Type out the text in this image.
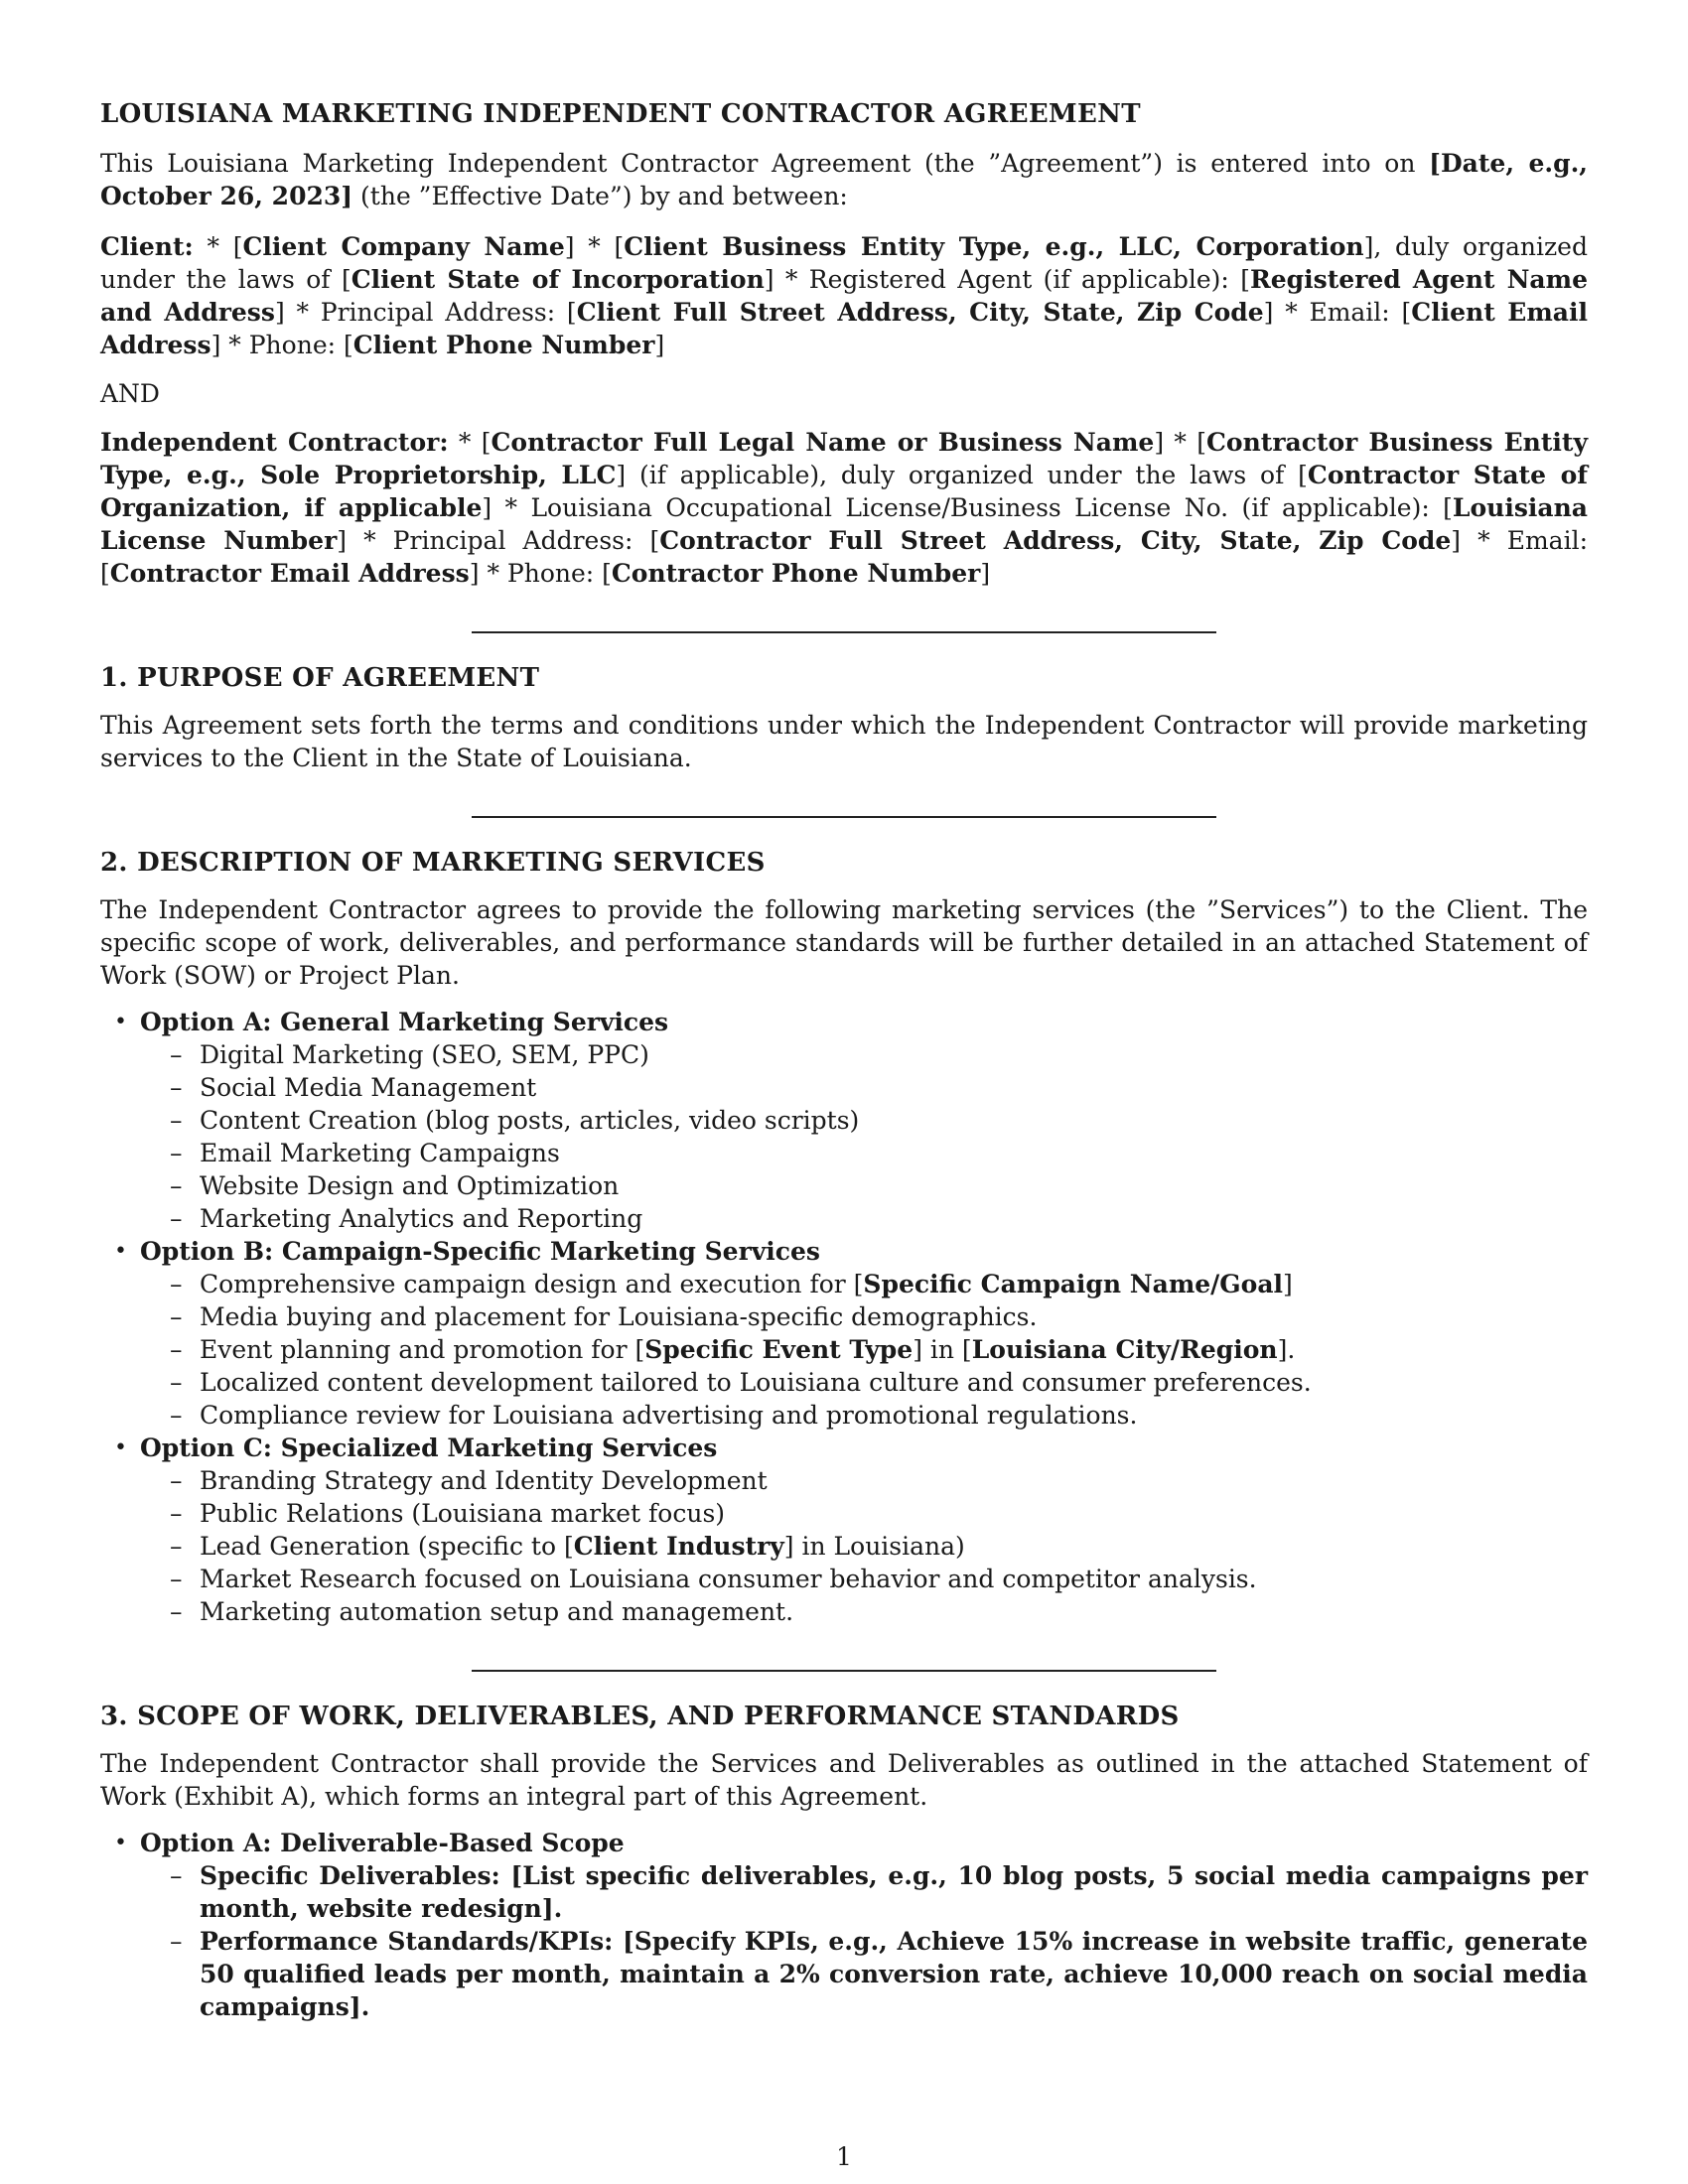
LOUISIANA MARKETING INDEPENDENT CONTRACTOR AGREEMENT

This Louisiana Marketing Independent Contractor Agreement (the ”Agreement”) is entered into on [Date, e.g., October 26, 2023] (the ”Effective Date”) by and between:

Client: * [Client Company Name] * [Client Business Entity Type, e.g., LLC, Corporation], duly organized under the laws of [Client State of Incorporation] * Registered Agent (if applicable): [Registered Agent Name and Address] * Principal Address: [Client Full Street Address, City, State, Zip Code] * Email: [Client Email Address] * Phone: [Client Phone Number]

AND

Independent Contractor: * [Contractor Full Legal Name or Business Name] * [Contractor Business Entity Type, e.g., Sole Proprietorship, LLC] (if applicable), duly organized under the laws of [Contractor State of Organization, if applicable] * Louisiana Occupational License/Business License No. (if applicable): [Louisiana License Number] * Principal Address: [Contractor Full Street Address, City, State, Zip Code] * Email: [Contractor Email Address] * Phone: [Contractor Phone Number]

1. PURPOSE OF AGREEMENT

This Agreement sets forth the terms and conditions under which the Independent Contractor will provide marketing services to the Client in the State of Louisiana.

2. DESCRIPTION OF MARKETING SERVICES

The Independent Contractor agrees to provide the following marketing services (the ”Services”) to the Client. The specific scope of work, deliverables, and performance standards will be further detailed in an attached Statement of Work (SOW) or Project Plan.

• Option A: General Marketing Services
– Digital Marketing (SEO, SEM, PPC)
– Social Media Management
– Content Creation (blog posts, articles, video scripts)
– Email Marketing Campaigns
– Website Design and Optimization
– Marketing Analytics and Reporting
• Option B: Campaign-Specific Marketing Services
– Comprehensive campaign design and execution for [Specific Campaign Name/Goal]
– Media buying and placement for Louisiana-specific demographics.
– Event planning and promotion for [Specific Event Type] in [Louisiana City/Region].
– Localized content development tailored to Louisiana culture and consumer preferences.
– Compliance review for Louisiana advertising and promotional regulations.
• Option C: Specialized Marketing Services
– Branding Strategy and Identity Development
– Public Relations (Louisiana market focus)
– Lead Generation (specific to [Client Industry] in Louisiana)
– Market Research focused on Louisiana consumer behavior and competitor analysis.
– Marketing automation setup and management.
3. SCOPE OF WORK, DELIVERABLES, AND PERFORMANCE STANDARDS

The Independent Contractor shall provide the Services and Deliverables as outlined in the attached Statement of Work (Exhibit A), which forms an integral part of this Agreement.

• Option A: Deliverable-Based Scope
– Specific Deliverables: [List specific deliverables, e.g., 10 blog posts, 5 social media campaigns per month, website redesign].
– Performance Standards/KPIs: [Specify KPIs, e.g., Achieve 15% increase in website traffic, generate 50 qualified leads per month, maintain a 2% conversion rate, achieve 10,000 reach on social media campaigns].
1
